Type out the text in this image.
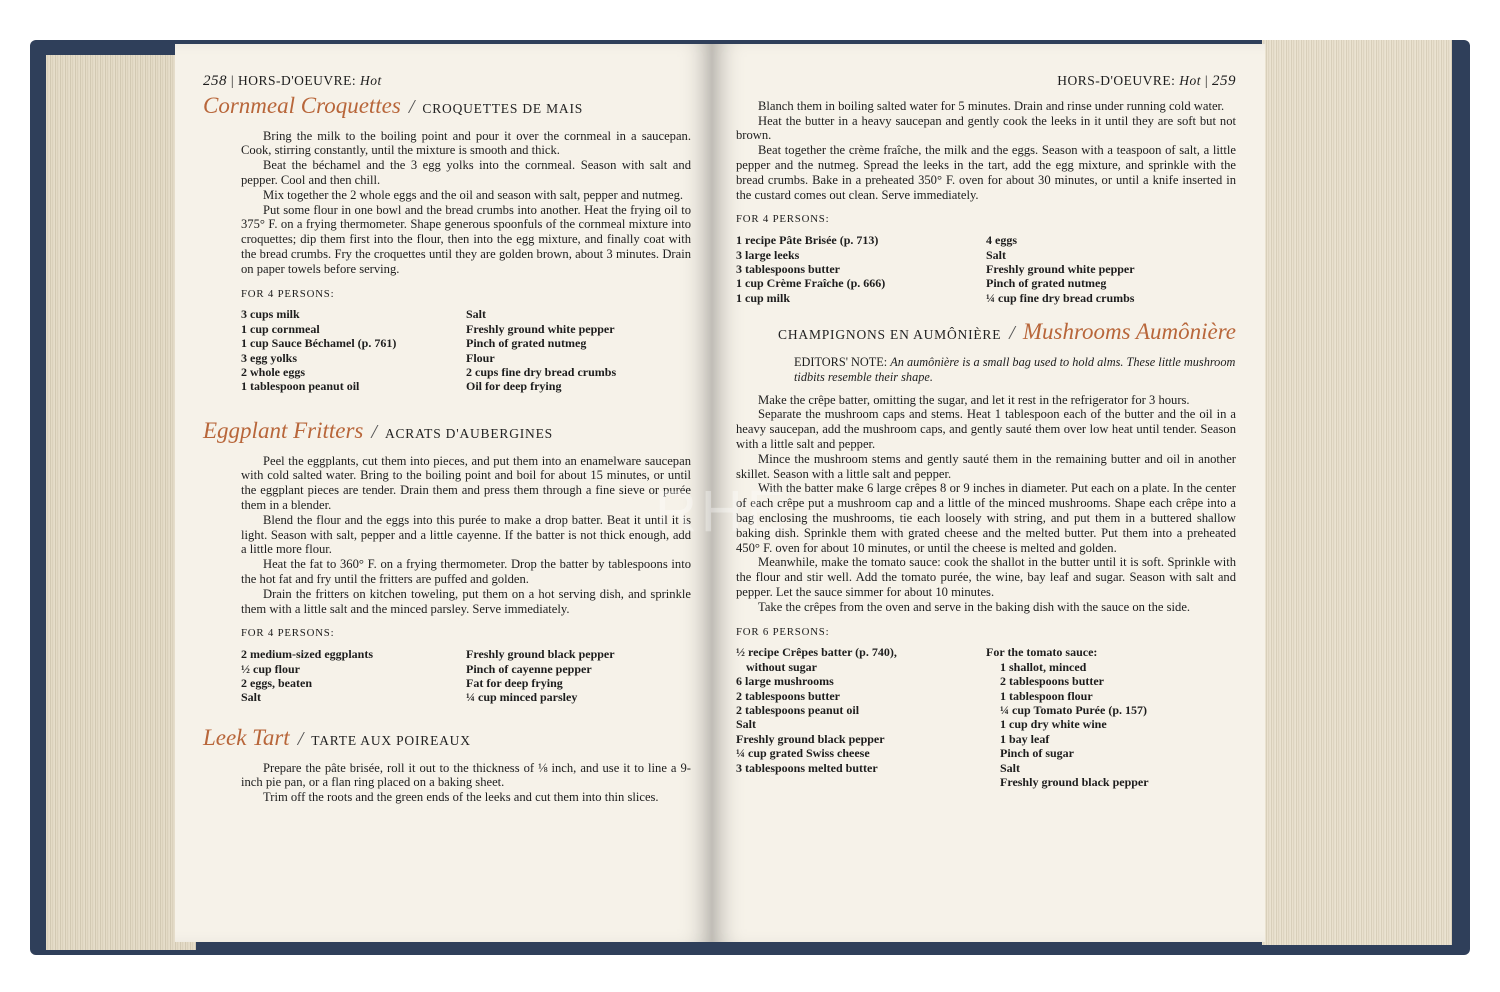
258 | HORS-D'OEUVRE: Hot
Cornmeal Croquettes / CROQUETTES DE MAIS

Bring the milk to the boiling point and pour it over the cornmeal in a saucepan. Cook, stirring constantly, until the mixture is smooth and thick.

Beat the béchamel and the 3 egg yolks into the cornmeal. Season with salt and pepper. Cool and then chill.

Mix together the 2 whole eggs and the oil and season with salt, pepper and nutmeg.

Put some flour in one bowl and the bread crumbs into another. Heat the frying oil to 375° F. on a frying thermometer. Shape generous spoonfuls of the cornmeal mixture into croquettes; dip them first into the flour, then into the egg mixture, and finally coat with the bread crumbs. Fry the croquettes until they are golden brown, about 3 minutes. Drain on paper towels before serving.

FOR 4 PERSONS:
3 cups milk
1 cup cornmeal
1 cup Sauce Béchamel (p. 761)
3 egg yolks
2 whole eggs
1 tablespoon peanut oil
Salt
Freshly ground white pepper
Pinch of grated nutmeg
Flour
2 cups fine dry bread crumbs
Oil for deep frying
Eggplant Fritters / ACRATS D'AUBERGINES

Peel the eggplants, cut them into pieces, and put them into an enamelware saucepan with cold salted water. Bring to the boiling point and boil for about 15 minutes, or until the eggplant pieces are tender. Drain them and press them through a fine sieve or purée them in a blender.

Blend the flour and the eggs into this purée to make a drop batter. Beat it until it is light. Season with salt, pepper and a little cayenne. If the batter is not thick enough, add a little more flour.

Heat the fat to 360° F. on a frying thermometer. Drop the batter by tablespoons into the hot fat and fry until the fritters are puffed and golden.

Drain the fritters on kitchen toweling, put them on a hot serving dish, and sprinkle them with a little salt and the minced parsley. Serve immediately.

FOR 4 PERSONS:
2 medium-sized eggplants
½ cup flour
2 eggs, beaten
Salt
Freshly ground black pepper
Pinch of cayenne pepper
Fat for deep frying
¼ cup minced parsley
Leek Tart / TARTE AUX POIREAUX

Prepare the pâte brisée, roll it out to the thickness of ⅛ inch, and use it to line a 9-inch pie pan, or a flan ring placed on a baking sheet.

Trim off the roots and the green ends of the leeks and cut them into thin slices.

HORS-D'OEUVRE: Hot | 259

Blanch them in boiling salted water for 5 minutes. Drain and rinse under running cold water.

Heat the butter in a heavy saucepan and gently cook the leeks in it until they are soft but not brown.

Beat together the crème fraîche, the milk and the eggs. Season with a teaspoon of salt, a little pepper and the nutmeg. Spread the leeks in the tart, add the egg mixture, and sprinkle with the bread crumbs. Bake in a preheated 350° F. oven for about 30 minutes, or until a knife inserted in the custard comes out clean. Serve immediately.

FOR 4 PERSONS:
1 recipe Pâte Brisée (p. 713)
3 large leeks
3 tablespoons butter
1 cup Crème Fraîche (p. 666)
1 cup milk
4 eggs
Salt
Freshly ground white pepper
Pinch of grated nutmeg
¼ cup fine dry bread crumbs
CHAMPIGNONS EN AUMÔNIÈRE / Mushrooms Aumônière
EDITORS' NOTE: An aumônière is a small bag used to hold alms. These little mushroom tidbits resemble their shape.

Make the crêpe batter, omitting the sugar, and let it rest in the refrigerator for 3 hours.

Separate the mushroom caps and stems. Heat 1 tablespoon each of the butter and the oil in a heavy saucepan, add the mushroom caps, and gently sauté them over low heat until tender. Season with a little salt and pepper.

Mince the mushroom stems and gently sauté them in the remaining butter and oil in another skillet. Season with a little salt and pepper.

With the batter make 6 large crêpes 8 or 9 inches in diameter. Put each on a plate. In the center of each crêpe put a mushroom cap and a little of the minced mushrooms. Shape each crêpe into a bag enclosing the mushrooms, tie each loosely with string, and put them in a buttered shallow baking dish. Sprinkle them with grated cheese and the melted butter. Put them into a preheated 450° F. oven for about 10 minutes, or until the cheese is melted and golden.

Meanwhile, make the tomato sauce: cook the shallot in the butter until it is soft. Sprinkle with the flour and stir well. Add the tomato purée, the wine, bay leaf and sugar. Season with salt and pepper. Let the sauce simmer for about 10 minutes.

Take the crêpes from the oven and serve in the baking dish with the sauce on the side.

FOR 6 PERSONS:
½ recipe Crêpes batter (p. 740),
without sugar
6 large mushrooms
2 tablespoons butter
2 tablespoons peanut oil
Salt
Freshly ground black pepper
¼ cup grated Swiss cheese
3 tablespoons melted butter
For the tomato sauce:
1 shallot, minced
2 tablespoons butter
1 tablespoon flour
¼ cup Tomato Purée (p. 157)
1 cup dry white wine
1 bay leaf
Pinch of sugar
Salt
Freshly ground black pepper
RHE
